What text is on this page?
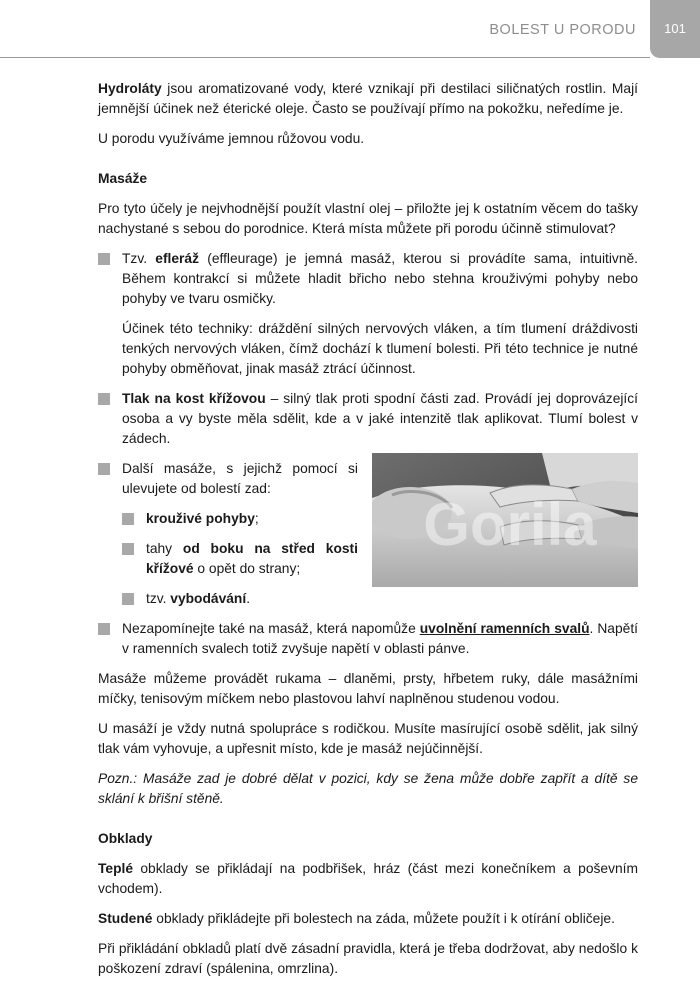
BOLEST U PORODU	101

Hydroláty jsou aromatizované vody, které vznikají při destilaci siličnatých rostlin. Mají jemnější účinek než éterické oleje. Často se používají přímo na pokožku, neředíme je.

U porodu využíváme jemnou růžovou vodu.

Masáže

Pro tyto účely je nejvhodnější použít vlastní olej – přiložte jej k ostatním věcem do tašky nachystané s sebou do porodnice. Která místa můžete při porodu účinně stimulovat?

Tzv. efleráž (effleurage) je jemná masáž, kterou si provádíte sama, intuitivně. Během kontrakcí si můžete hladit břicho nebo stehna krouživými pohyby nebo pohyby ve tvaru osmičky.

Účinek této techniky: dráždění silných nervových vláken, a tím tlumení dráždivosti tenkých nervových vláken, čímž dochází k tlumení bolesti. Při této technice je nutné pohyby obměňovat, jinak masáž ztrácí účinnost.

Tlak na kost křížovou – silný tlak proti spodní části zad. Provádí jej doprovázející osoba a vy byste měla sdělit, kde a v jaké intenzitě tlak aplikovat. Tlumí bolest v zádech.

Další masáže, s jejichž pomocí si ulevujete od bolestí zad:

krouživé pohyby;
tahy od boku na střed kosti křížové o opět do strany;
tzv. vybodávání.
Gorila

Nezapomínejte také na masáž, která napomůže uvolnění ramenních svalů. Napětí v ramenních svalech totiž zvyšuje napětí v oblasti pánve.

Masáže můžeme provádět rukama – dlaněmi, prsty, hřbetem ruky, dále masážními míčky, tenisovým míčkem nebo plastovou lahví naplněnou studenou vodou.

U masáží je vždy nutná spolupráce s rodičkou. Musíte masírující osobě sdělit, jak silný tlak vám vyhovuje, a upřesnit místo, kde je masáž nejúčinnější.

Pozn.: Masáže zad je dobré dělat v pozici, kdy se žena může dobře zapřít a dítě se sklání k břišní stěně.

Obklady

Teplé obklady se přikládají na podbřišek, hráz (část mezi konečníkem a poševním vchodem).

Studené obklady přikládejte při bolestech na záda, můžete použít i k otírání obličeje.

Při přikládání obkladů platí dvě zásadní pravidla, která je třeba dodržovat, aby nedošlo k poškození zdraví (spálenina, omrzlina).
